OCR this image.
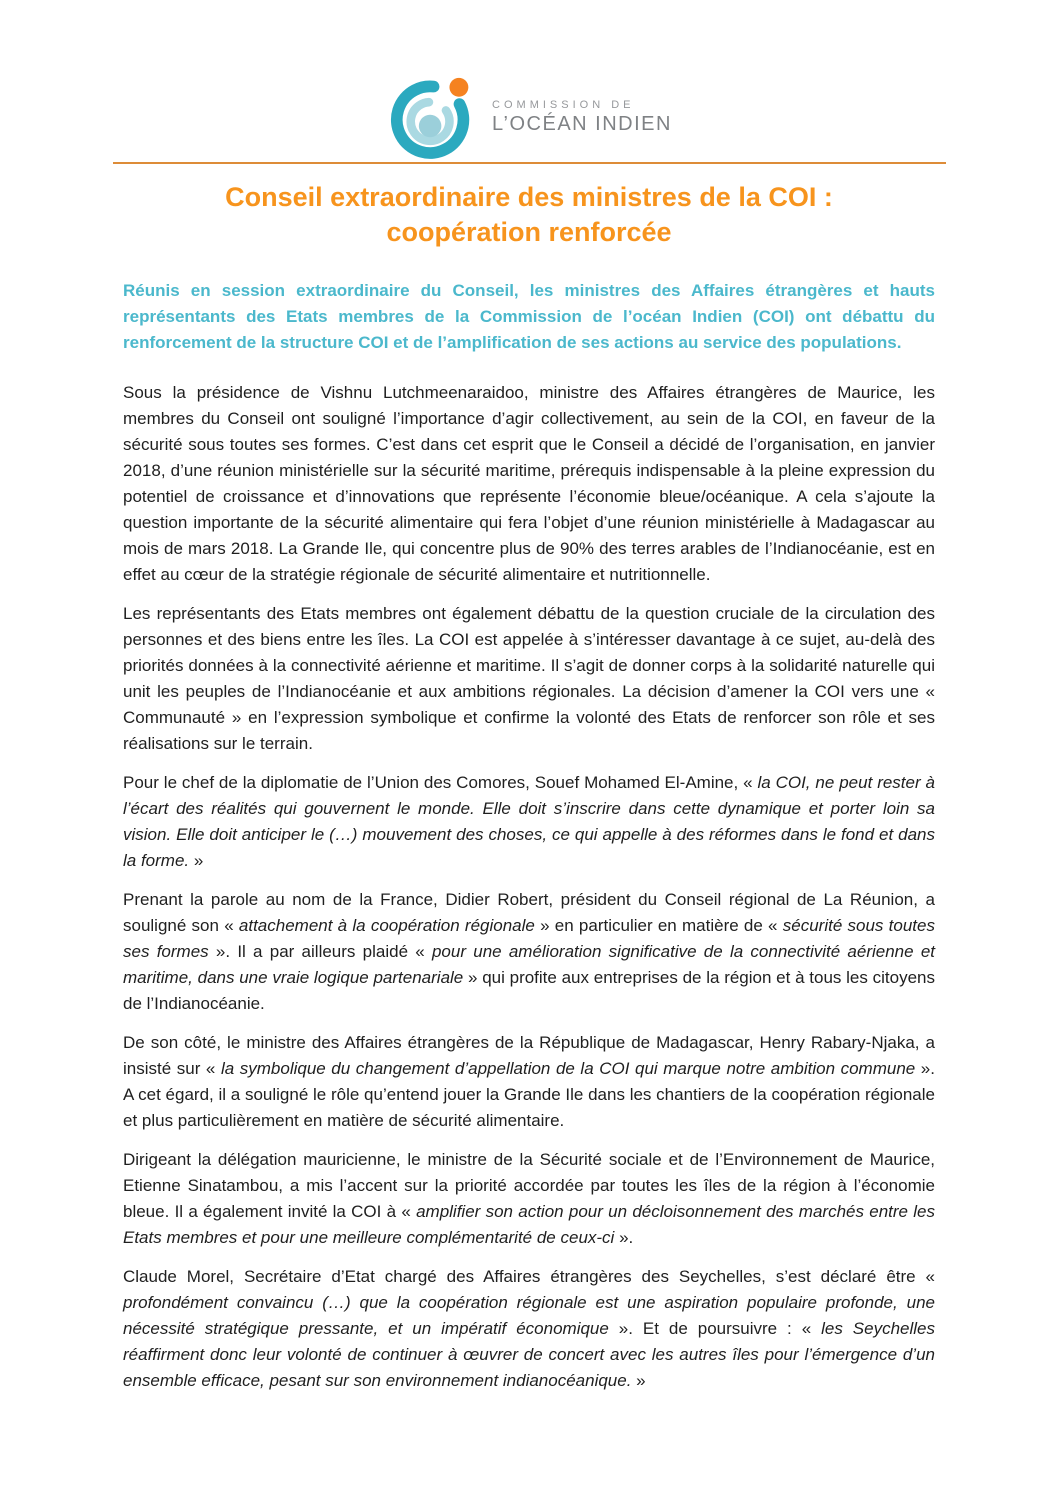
COMMISSION DE
L’OCÉAN INDIEN
Conseil extraordinaire des ministres de la COI :
coopération renforcée

Réunis en session extraordinaire du Conseil, les ministres des Affaires étrangères et hauts représentants des Etats membres de la Commission de l’océan Indien (COI) ont débattu du renforcement de la structure COI et de l’amplification de ses actions au service des populations.

Sous la présidence de Vishnu Lutchmeenaraidoo, ministre des Affaires étrangères de Maurice, les membres du Conseil ont souligné l’importance d’agir collectivement, au sein de la COI, en faveur de la sécurité sous toutes ses formes. C’est dans cet esprit que le Conseil a décidé de l’organisation, en janvier 2018, d’une réunion ministérielle sur la sécurité maritime, prérequis indispensable à la pleine expression du potentiel de croissance et d’innovations que représente l’économie bleue/océanique. A cela s’ajoute la question importante de la sécurité alimentaire qui fera l’objet d’une réunion ministérielle à Madagascar au mois de mars 2018. La Grande Ile, qui concentre plus de 90% des terres arables de l’Indianocéanie, est en effet au cœur de la stratégie régionale de sécurité alimentaire et nutritionnelle.

Les représentants des Etats membres ont également débattu de la question cruciale de la circulation des personnes et des biens entre les îles. La COI est appelée à s’intéresser davantage à ce sujet, au-delà des priorités données à la connectivité aérienne et maritime. Il s’agit de donner corps à la solidarité naturelle qui unit les peuples de l’Indianocéanie et aux ambitions régionales. La décision d’amener la COI vers une « Communauté » en l’expression symbolique et confirme la volonté des Etats de renforcer son rôle et ses réalisations sur le terrain.

Pour le chef de la diplomatie de l’Union des Comores, Souef Mohamed El-Amine, « la COI, ne peut rester à l’écart des réalités qui gouvernent le monde. Elle doit s’inscrire dans cette dynamique et porter loin sa vision. Elle doit anticiper le (…) mouvement des choses, ce qui appelle à des réformes dans le fond et dans la forme. »

Prenant la parole au nom de la France, Didier Robert, président du Conseil régional de La Réunion, a souligné son « attachement à la coopération régionale » en particulier en matière de « sécurité sous toutes ses formes ». Il a par ailleurs plaidé « pour une amélioration significative de la connectivité aérienne et maritime, dans une vraie logique partenariale » qui profite aux entreprises de la région et à tous les citoyens de l’Indianocéanie.

De son côté, le ministre des Affaires étrangères de la République de Madagascar, Henry Rabary-Njaka, a insisté sur « la symbolique du changement d’appellation de la COI qui marque notre ambition commune ». A cet égard, il a souligné le rôle qu’entend jouer la Grande Ile dans les chantiers de la coopération régionale et plus particulièrement en matière de sécurité alimentaire.

Dirigeant la délégation mauricienne, le ministre de la Sécurité sociale et de l’Environnement de Maurice, Etienne Sinatambou, a mis l’accent sur la priorité accordée par toutes les îles de la région à l’économie bleue. Il a également invité la COI à « amplifier son action pour un décloisonnement des marchés entre les Etats membres et pour une meilleure complémentarité de ceux-ci ».

Claude Morel, Secrétaire d’Etat chargé des Affaires étrangères des Seychelles, s’est déclaré être « profondément convaincu (…) que la coopération régionale est une aspiration populaire profonde, une nécessité stratégique pressante, et un impératif économique ». Et de poursuivre : « les Seychelles réaffirment donc leur volonté de continuer à œuvrer de concert avec les autres îles pour l’émergence d’un ensemble efficace, pesant sur son environnement indianocéanique. »
